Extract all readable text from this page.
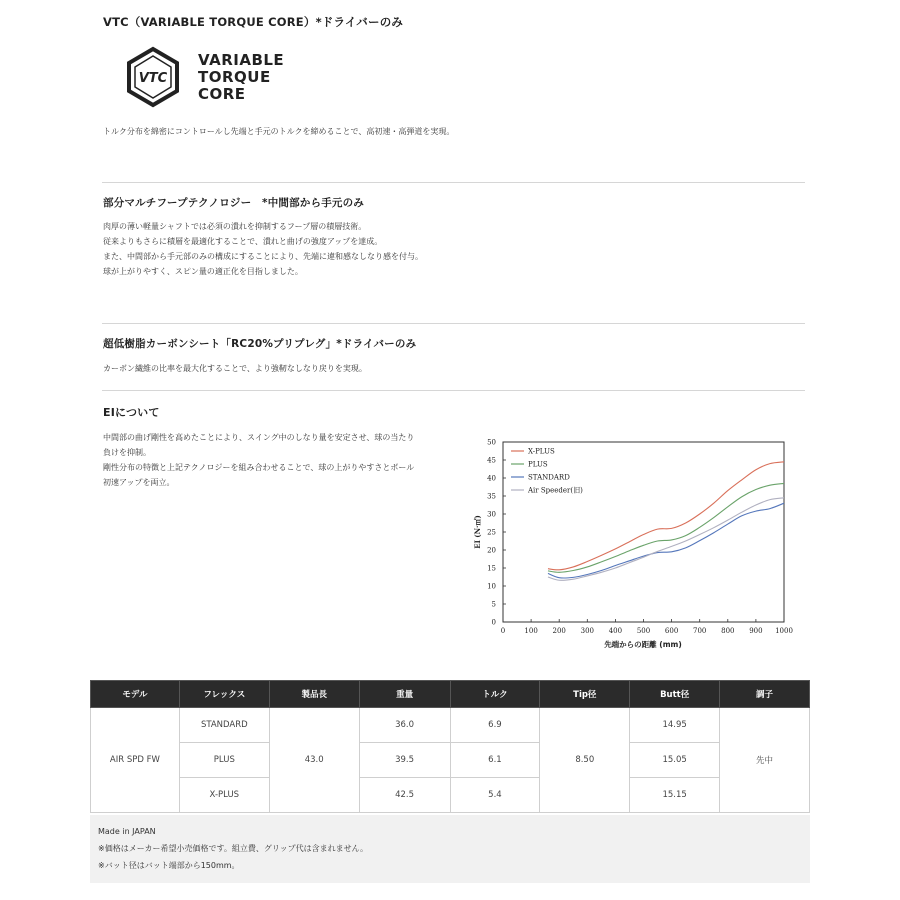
VTC（VARIABLE TORQUE CORE）*ドライバーのみ
VTC
VARIABLE
TORQUE
CORE
トルク分布を綿密にコントロールし先端と手元のトルクを締めることで、高初速・高弾道を実現。
部分マルチフープテクノロジー　*中間部から手元のみ
肉厚の薄い軽量シャフトでは必須の潰れを抑制するフープ層の積層技術。
従来よりもさらに積層を最適化することで、潰れと曲げの強度アップを達成。
また、中間部から手元部のみの構成にすることにより、先端に違和感なしなり感を付与。
球が上がりやすく、スピン量の適正化を目指しました。
超低樹脂カーボンシート「RC20%プリプレグ」*ドライバーのみ
カーボン繊維の比率を最大化することで、より強靭なしなり戻りを実現。
EIについて
中間部の曲げ剛性を高めたことにより、スイング中のしなり量を安定させ、球の当たり
負けを抑制。
剛性分布の特徴と上記テクノロジーを組み合わせることで、球の上がりやすさとボール
初速アップを両立。
0	100 200 300 400 500 600 700 800 900 1000
0
5
10
15
20
25
30
35
40
45
50
X-PLUS
PLUS
STANDARD
Air Speeder(旧)
先端からの距離 (mm)
EI (N·㎡)
モデル	フレックス	製品長	重量	トルク	Tip径	Butt径	調子
AIR SPD FW	STANDARD	43.0	36.0	6.9	8.50	14.95	先中
	PLUS		39.5	6.1		15.05	
	X-PLUS		42.5	5.4		15.15	
Made in JAPAN
※価格はメーカー希望小売価格です。組立費、グリップ代は含まれません。
※バット径はバット端部から150mm。
